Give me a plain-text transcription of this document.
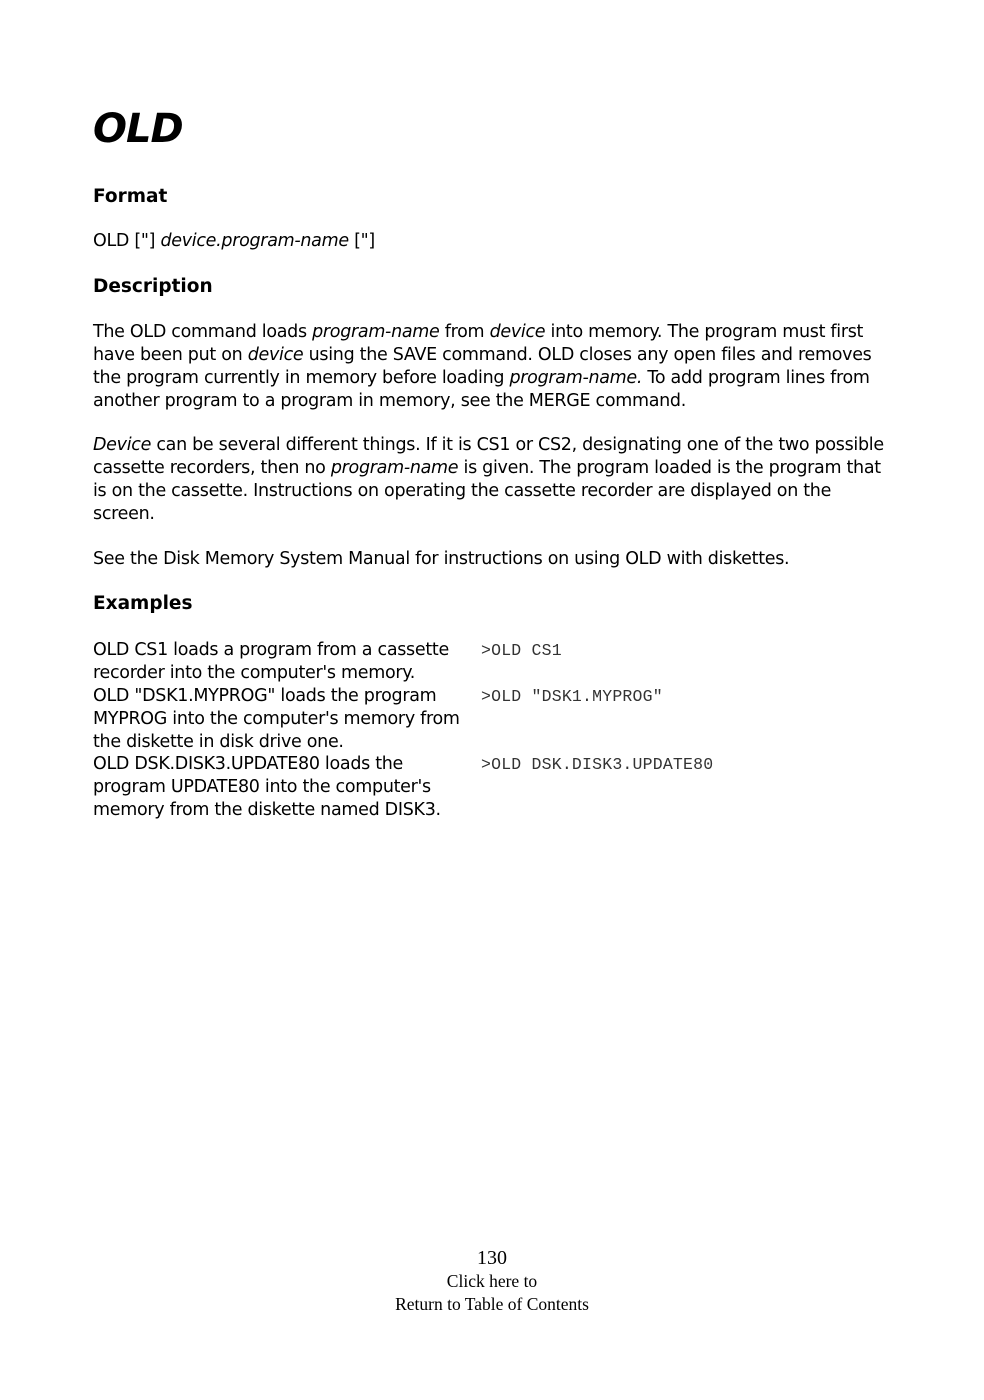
OLD
Format
OLD ["] device.program-name ["]
Description
The OLD command loads program-name from device into memory. The program must first have been put on device using the SAVE command. OLD closes any open files and removes the program currently in memory before loading program-name. To add program lines from another program to a program in memory, see the MERGE command.
Device can be several different things. If it is CS1 or CS2, designating one of the two possible cassette recorders, then no program-name is given. The program loaded is the program that is on the cassette. Instructions on operating the cassette recorder are displayed on the screen.
See the Disk Memory System Manual for instructions on using OLD with diskettes.
Examples
OLD CS1 loads a program from a cassette recorder into the computer's memory.
>OLD CS1
OLD "DSK1.MYPROG" loads the program MYPROG into the computer's memory from the diskette in disk drive one.
>OLD "DSK1.MYPROG"
OLD DSK.DISK3.UPDATE80 loads the program UPDATE80 into the computer's memory from the diskette named DISK3.
>OLD DSK.DISK3.UPDATE80
130
Click here to
Return to Table of Contents
